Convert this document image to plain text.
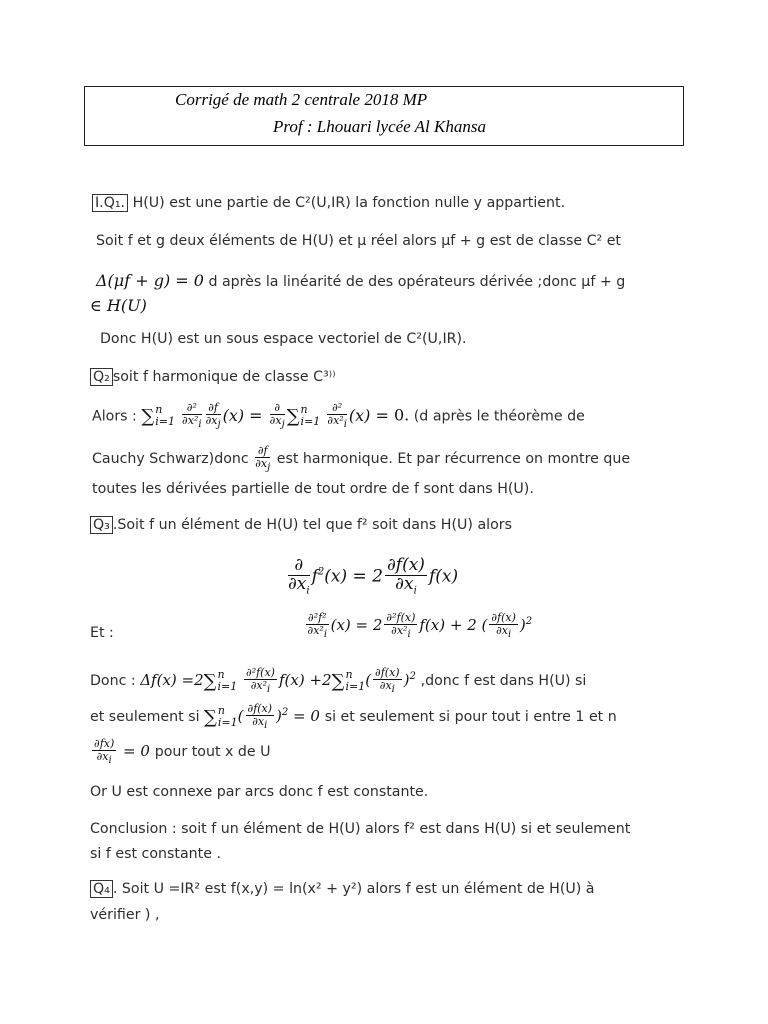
Corrigé de math 2 centrale 2018 MP
Prof : Lhouari lycée Al Khansa
I.Q₁. H(U) est une partie de C²(U,IR) la fonction nulle y appartient.
Soit f et g deux éléments de H(U) et μ réel alors μf + g est de classe C² et
Δ(μf + g) = 0 d après la linéarité de des opérateurs dérivée ;donc μf + g
∈ H(U)
Donc H(U) est un sous espace vectoriel de C²(U,IR).
Q₂ soit f harmonique de classe C³⁾⁾
Alors : ∑ n
i=1
$\frac{\text{∂²}}{\text{∂x²i}} \frac{\partial f}{\partial xj} (x) = \frac{\partial}{\partial xj}$ ∑ n
i=1
$\frac{\text{∂²}}{\text{∂x²i}} (x) = 0$. (d après le théorème de
Cauchy Schwarz)donc $\frac{\partial f}{\partial xj}$ est harmonique. Et par récurrence on montre que
toutes les dérivées partielle de tout ordre de f sont dans H(U).
Q₃ .Soit f un élément de H(U) tel que f² soit dans H(U) alors
$\frac{\partial}{\partial x_i} f^2(x) = 2 \frac{\partial f(x)}{\partial x_i} f(x)$
Et :	$\frac{\text{∂²f²}}{\text{∂x²i}} (x) = 2 \frac{\text{∂²f(x)}}{\text{∂x²i}} f(x) + 2$ ( $\frac{\partial f(x)}{\partial xi} )^2$
Donc : Δf(x) =2∑ n
i=1
$\frac{\text{∂²f(x)}}{\text{∂x²i}} f(x) +2\sum$ n
i=1 ( $\frac{\partial f(x)}{\partial xi} )^2$ ,donc f est dans H(U) si
et seulement si ∑ n
i=1 ( $\frac{\partial f(x)}{\partial xi} )^2 = 0$ si et seulement si pour tout i entre 1 et n
$\frac{\partial fx)}{\partial xi} = 0$ pour tout x de U
Or U est connexe par arcs donc f est constante.
Conclusion : soit f un élément de H(U) alors f² est dans H(U) si et seulement
si f est constante .
Q₄ . Soit U =IR² est f(x,y) = ln(x² + y²) alors f est un élément de H(U) à
vérifier ) ,
